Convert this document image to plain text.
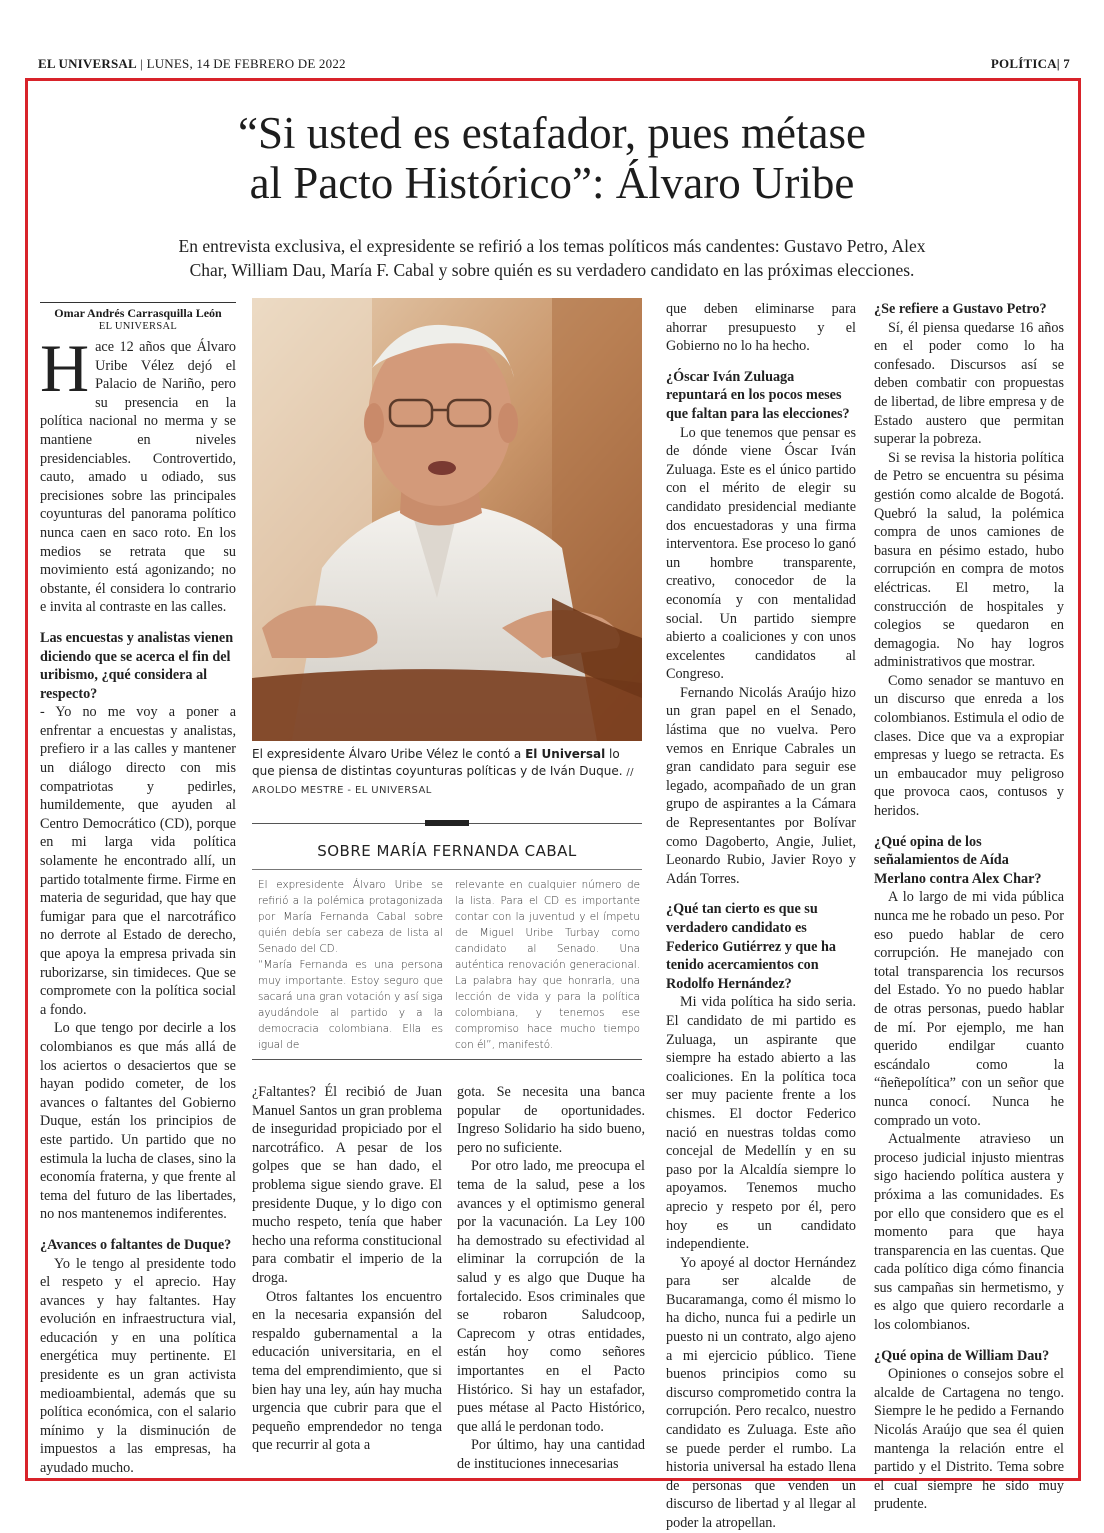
EL UNIVERSAL | LUNES, 14 DE FEBRERO DE 2022	POLÍTICA| 7
“Si usted es estafador, pues métase
al Pacto Histórico”: Álvaro Uribe
En entrevista exclusiva, el expresidente se refirió a los temas políticos más candentes: Gustavo Petro, Alex
Char, William Dau, María F. Cabal y sobre quién es su verdadero candidato en las próximas elecciones.
Omar Andrés Carrasquilla León
EL UNIVERSAL

Hace 12 años que Álvaro Uribe Vélez dejó el Palacio de Nariño, pero su presencia en la política nacional no merma y se mantiene en niveles presidenciables. Controvertido, cauto, amado u odiado, sus precisiones sobre las principales coyunturas del panorama político nunca caen en saco roto. En los medios se retrata que su movimiento está agonizando; no obstante, él considera lo contrario e invita al contraste en las calles.

Las encuestas y analistas vienen diciendo que se acerca el fin del uribismo, ¿qué considera al respecto?

- Yo no me voy a poner a enfrentar a encuestas y analistas, prefiero ir a las calles y mantener un diálogo directo con mis compatriotas y pedirles, humildemente, que ayuden al Centro Democrático (CD), porque en mi larga vida política solamente he encontrado allí, un partido totalmente firme. Firme en materia de seguridad, que hay que fumigar para que el narcotráfico no derrote al Estado de derecho, que apoya la empresa privada sin ruborizarse, sin timideces. Que se compromete con la política social a fondo.

Lo que tengo por decirle a los colombianos es que más allá de los aciertos o desaciertos que se hayan podido cometer, de los avances o faltantes del Gobierno Duque, están los principios de este partido. Un partido que no estimula la lucha de clases, sino la economía fraterna, y que frente al tema del futuro de las libertades, no nos mantenemos indiferentes.

¿Avances o faltantes de Duque?

Yo le tengo al presidente todo el respeto y el aprecio. Hay avances y hay faltantes. Hay evolución en infraestructura vial, educación y en una política energética muy pertinente. El presidente es un gran activista medioambiental, además que su política económica, con el salario mínimo y la disminución de impuestos a las empresas, ha ayudado mucho.

El expresidente Álvaro Uribe Vélez le contó a El Universal lo que piensa de distintas coyunturas políticas y de Iván Duque. // AROLDO MESTRE - EL UNIVERSAL
SOBRE MARÍA FERNANDA CABAL

El expresidente Álvaro Uribe se refirió a la polémica protagonizada por María Fernanda Cabal sobre quién debía ser cabeza de lista al Senado del CD.

“María Fernanda es una persona muy importante. Estoy seguro que sacará una gran votación y así siga ayudándole al partido y a la democracia colombiana. Ella es igual de

relevante en cualquier número de la lista. Para el CD es importante contar con la juventud y el ímpetu de Miguel Uribe Turbay como candidato al Senado. Una auténtica renovación generacional. La palabra hay que honrarla, una lección de vida y para la política colombiana, y tenemos ese compromiso hace mucho tiempo con él”, manifestó.

¿Faltantes? Él recibió de Juan Manuel Santos un gran problema de inseguridad propiciado por el narcotráfico. A pesar de los golpes que se han dado, el problema sigue siendo grave. El presidente Duque, y lo digo con mucho respeto, tenía que haber hecho una reforma constitucional para combatir el imperio de la droga.

Otros faltantes los encuentro en la necesaria expansión del respaldo gubernamental a la educación universitaria, en el tema del emprendimiento, que si bien hay una ley, aún hay mucha urgencia que cubrir para que el pequeño emprendedor no tenga que recurrir al gota a

gota. Se necesita una banca popular de oportunidades. Ingreso Solidario ha sido bueno, pero no suficiente.

Por otro lado, me preocupa el tema de la salud, pese a los avances y el optimismo general por la vacunación. La Ley 100 ha demostrado su efectividad al eliminar la corrupción de la salud y es algo que Duque ha fortalecido. Esos criminales que se robaron Saludcoop, Caprecom y otras entidades, están hoy como señores importantes en el Pacto Histórico. Si hay un estafador, pues métase al Pacto Histórico, que allá le perdonan todo.

Por último, hay una cantidad de instituciones innecesarias

que deben eliminarse para ahorrar presupuesto y el Gobierno no lo ha hecho.

¿Óscar Iván Zuluaga repuntará en los pocos meses que faltan para las elecciones?

Lo que tenemos que pensar es de dónde viene Óscar Iván Zuluaga. Este es el único partido con el mérito de elegir su candidato presidencial mediante dos encuestadoras y una firma interventora. Ese proceso lo ganó un hombre transparente, creativo, conocedor de la economía y con mentalidad social. Un partido siempre abierto a coaliciones y con unos excelentes candidatos al Congreso.

Fernando Nicolás Araújo hizo un gran papel en el Senado, lástima que no vuelva. Pero vemos en Enrique Cabrales un gran candidato para seguir ese legado, acompañado de un gran grupo de aspirantes a la Cámara de Representantes por Bolívar como Dagoberto, Angie, Juliet, Leonardo Rubio, Javier Royo y Adán Torres.

¿Qué tan cierto es que su verdadero candidato es Federico Gutiérrez y que ha tenido acercamientos con Rodolfo Hernández?

Mi vida política ha sido seria. El candidato de mi partido es Zuluaga, un aspirante que siempre ha estado abierto a las coaliciones. En la política toca ser muy paciente frente a los chismes. El doctor Federico nació en nuestras toldas como concejal de Medellín y en su paso por la Alcaldía siempre lo apoyamos. Tenemos mucho aprecio y respeto por él, pero hoy es un candidato independiente.

Yo apoyé al doctor Hernández para ser alcalde de Bucaramanga, como él mismo lo ha dicho, nunca fui a pedirle un puesto ni un contrato, algo ajeno a mi ejercicio público. Tiene buenos principios como su discurso comprometido contra la corrupción. Pero recalco, nuestro candidato es Zuluaga. Este año se puede perder el rumbo. La historia universal ha estado llena de personas que venden un discurso de libertad y al llegar al poder la atropellan.

¿Se refiere a Gustavo Petro?

Sí, él piensa quedarse 16 años en el poder como lo ha confesado. Discursos así se deben combatir con propuestas de libertad, de libre empresa y de Estado austero que permitan superar la pobreza.

Si se revisa la historia política de Petro se encuentra su pésima gestión como alcalde de Bogotá. Quebró la salud, la polémica compra de unos camiones de basura en pésimo estado, hubo corrupción en compra de motos eléctricas. El metro, la construcción de hospitales y colegios se quedaron en demagogia. No hay logros administrativos que mostrar.

Como senador se mantuvo en un discurso que enreda a los colombianos. Estimula el odio de clases. Dice que va a expropiar empresas y luego se retracta. Es un embaucador muy peligroso que provoca caos, contusos y heridos.

¿Qué opina de los señalamientos de Aída Merlano contra Alex Char?

A lo largo de mi vida pública nunca me he robado un peso. Por eso puedo hablar de cero corrupción. He manejado con total transparencia los recursos del Estado. Yo no puedo hablar de otras personas, puedo hablar de mí. Por ejemplo, me han querido endilgar cuanto escándalo como la “ñeñepolítica” con un señor que nunca conocí. Nunca he comprado un voto.

Actualmente atravieso un proceso judicial injusto mientras sigo haciendo política austera y próxima a las comunidades. Es por ello que considero que es el momento para que haya transparencia en las cuentas. Que cada político diga cómo financia sus campañas sin hermetismo, y es algo que quiero recordarle a los colombianos.

¿Qué opina de William Dau?

Opiniones o consejos sobre el alcalde de Cartagena no tengo. Siempre le he pedido a Fernando Nicolás Araújo que sea él quien mantenga la relación entre el partido y el Distrito. Tema sobre el cual siempre he sido muy prudente.
